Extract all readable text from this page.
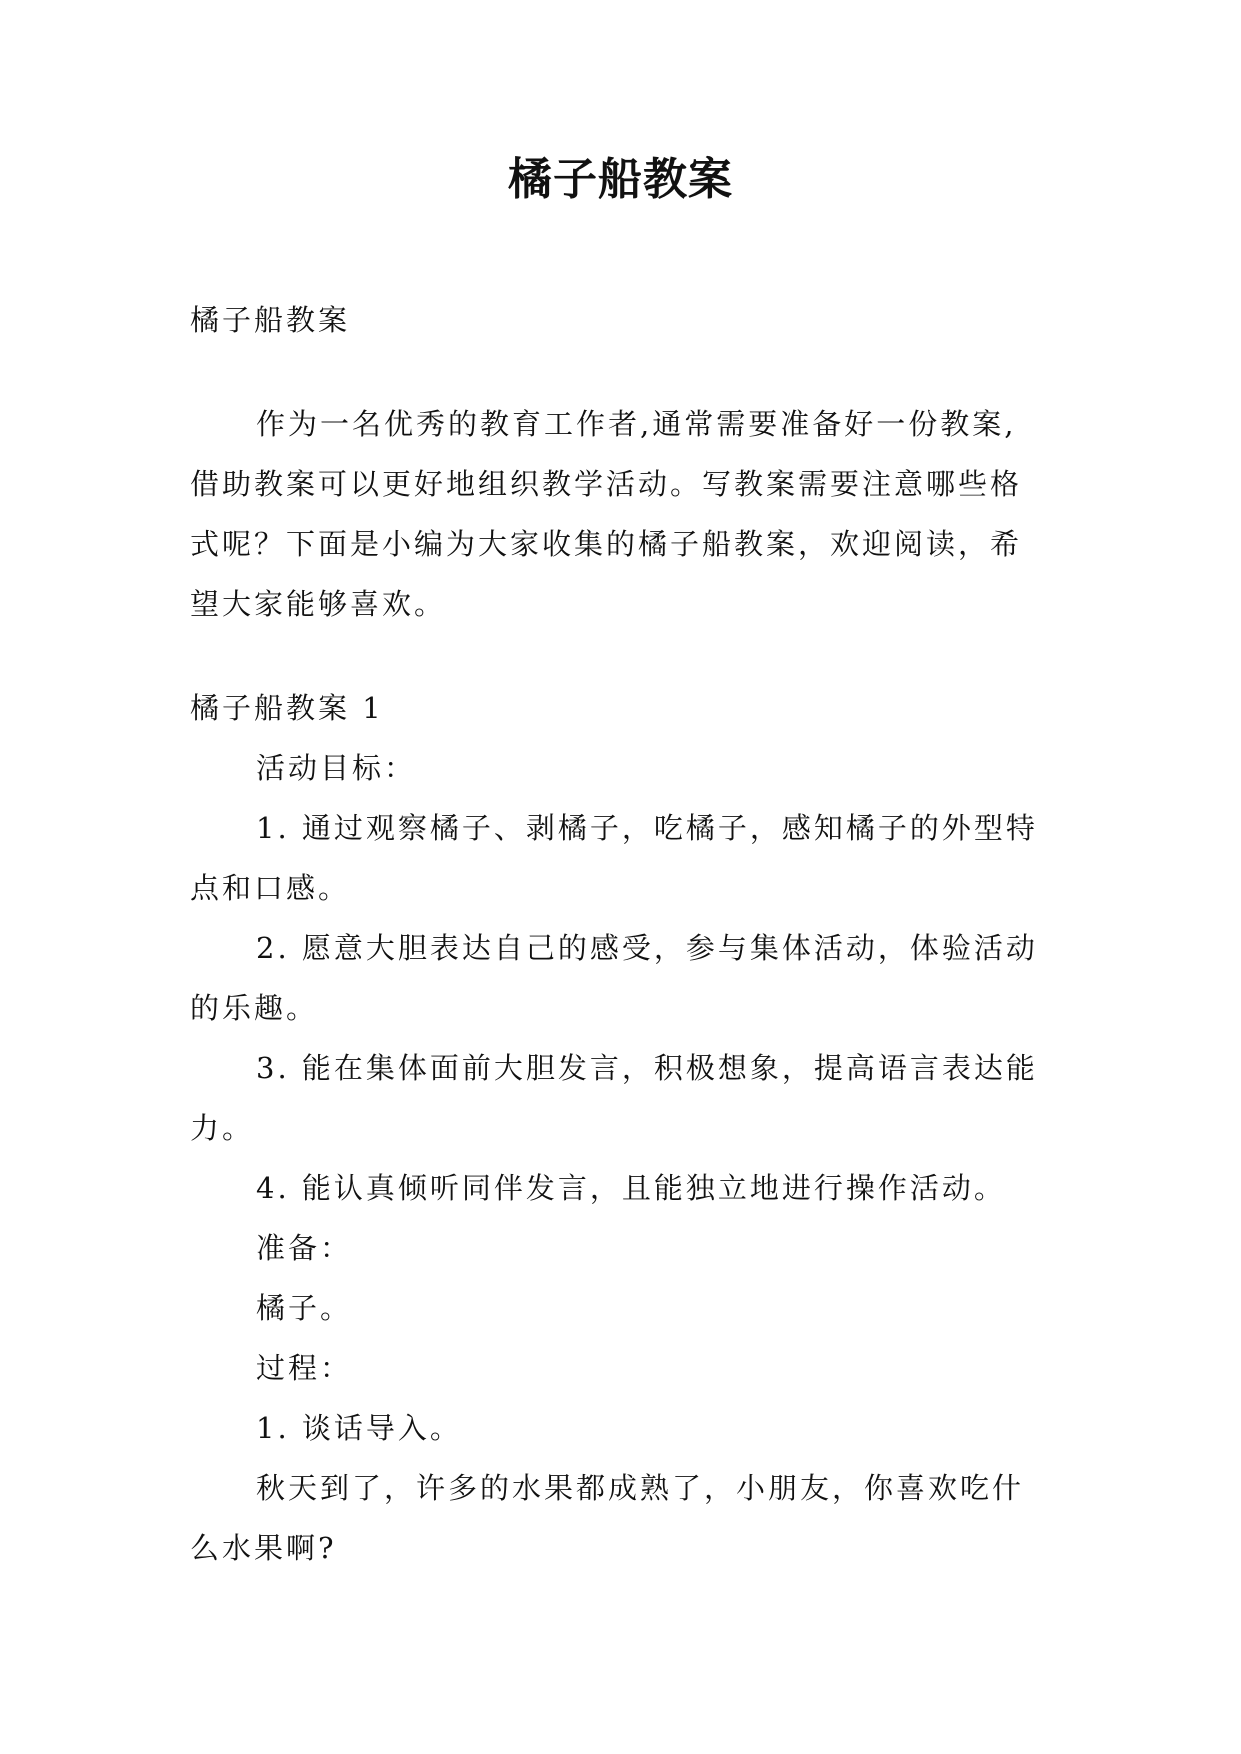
橘子船教案
橘子船教案
作为一名优秀的教育工作者,通常需要准备好一份教案,
借助教案可以更好地组织教学活动。写教案需要注意哪些格
式呢？下面是小编为大家收集的橘子船教案，欢迎阅读，希
望大家能够喜欢。
橘子船教案 1
活动目标：
1. 通过观察橘子、剥橘子，吃橘子，感知橘子的外型特
点和口感。
2. 愿意大胆表达自己的感受，参与集体活动，体验活动
的乐趣。
3. 能在集体面前大胆发言，积极想象，提高语言表达能
力。
4. 能认真倾听同伴发言，且能独立地进行操作活动。
准备：
橘子。
过程：
1. 谈话导入。
秋天到了，许多的水果都成熟了，小朋友，你喜欢吃什
么水果啊?
